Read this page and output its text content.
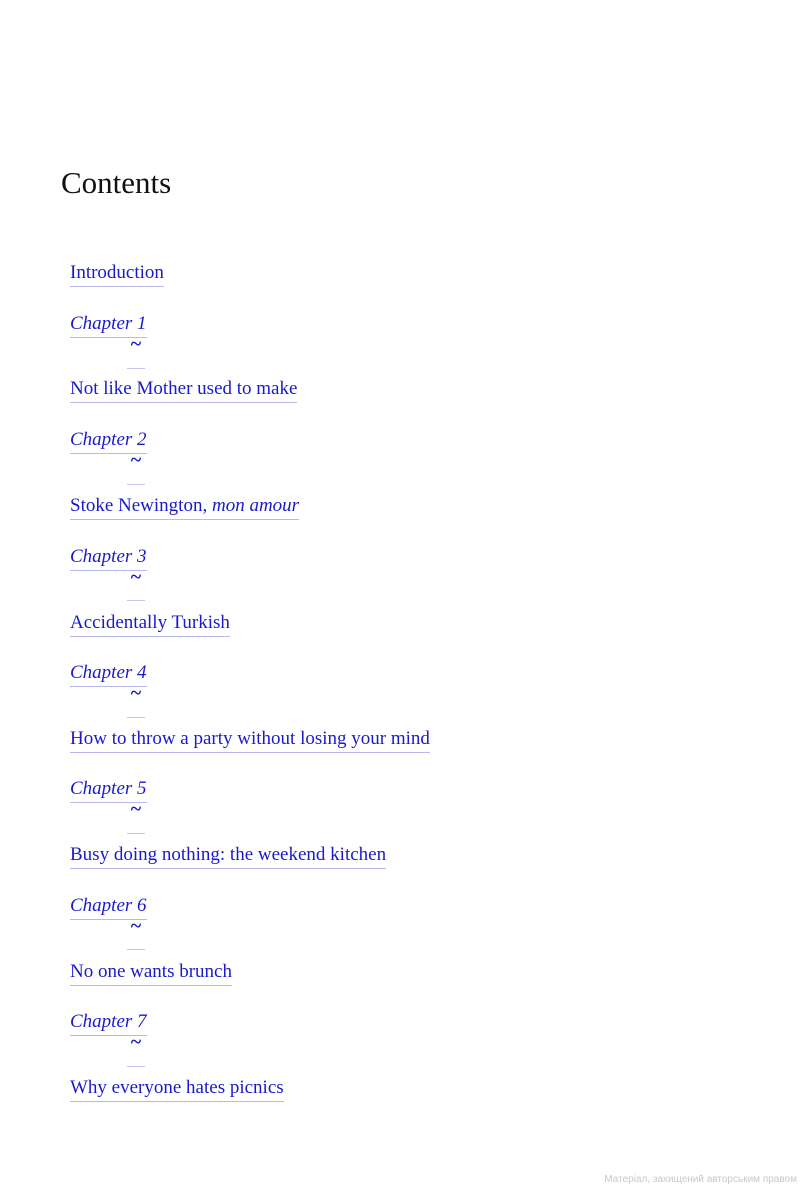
Contents
Introduction
Chapter 1
~
Not like Mother used to make
Chapter 2
~
Stoke Newington, mon amour
Chapter 3
~
Accidentally Turkish
Chapter 4
~
How to throw a party without losing your mind
Chapter 5
~
Busy doing nothing: the weekend kitchen
Chapter 6
~
No one wants brunch
Chapter 7
~
Why everyone hates picnics
Матеріал, захищений авторським правом
